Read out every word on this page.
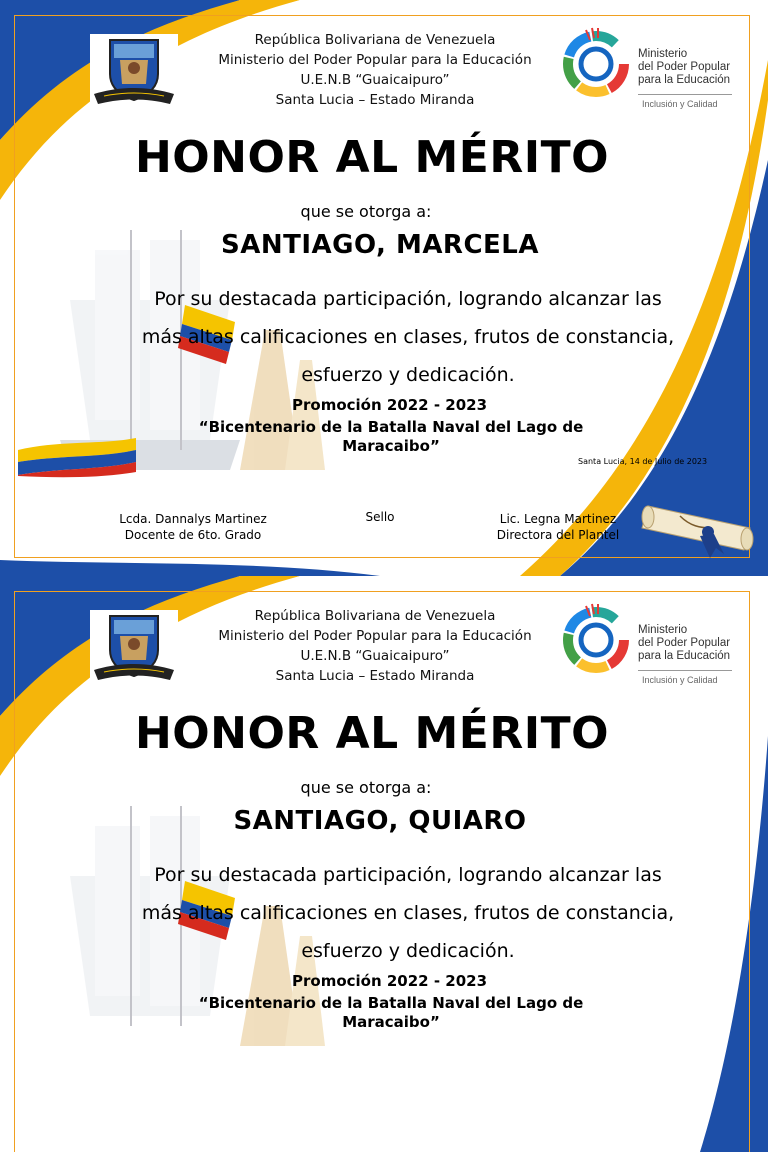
Ministerio
del Poder Popular
para la Educación
Inclusión y Calidad
República Bolivariana de Venezuela
Ministerio del Poder Popular para la Educación
U.E.N.B “Guaicaipuro”
Santa Lucia – Estado Miranda
HONOR AL MÉRITO
que se otorga a:
SANTIAGO, MARCELA
Por su destacada participación, logrando alcanzar las
más altas calificaciones en clases, frutos de constancia,
esfuerzo y dedicación.
Promoción 2022 - 2023
“Bicentenario de la Batalla Naval del Lago de Maracaibo”
Santa Lucia, 14 de Julio de 2023
Lcda. Dannalys Martinez
Docente de 6to. Grado
Sello	Lic. Legna Martinez
Directora del Plantel
Ministerio
del Poder Popular
para la Educación
Inclusión y Calidad
República Bolivariana de Venezuela
Ministerio del Poder Popular para la Educación
U.E.N.B “Guaicaipuro”
Santa Lucia – Estado Miranda
HONOR AL MÉRITO
que se otorga a:
SANTIAGO, QUIARO
Por su destacada participación, logrando alcanzar las
más altas calificaciones en clases, frutos de constancia,
esfuerzo y dedicación.
Promoción 2022 - 2023
“Bicentenario de la Batalla Naval del Lago de Maracaibo”
